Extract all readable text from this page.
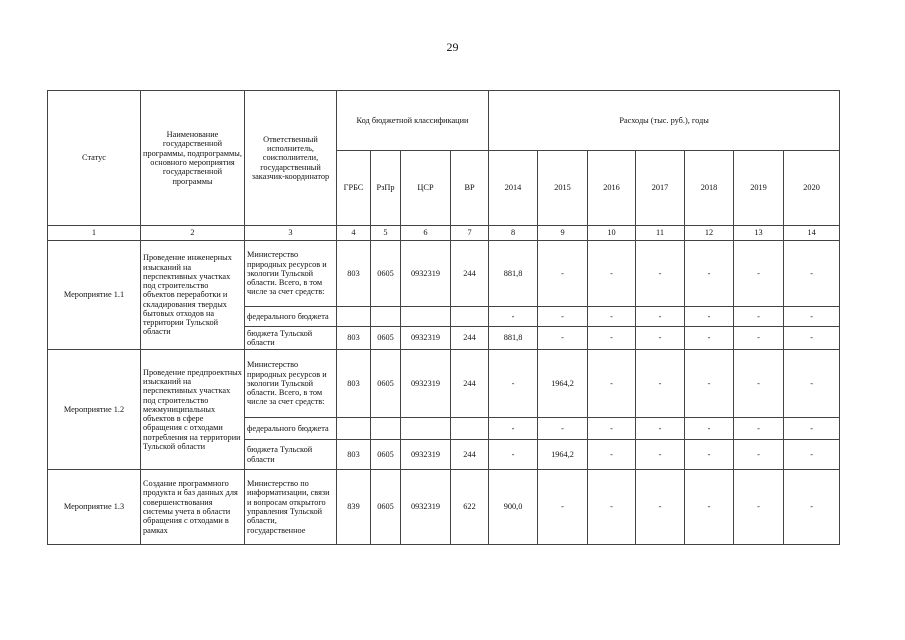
29
Статус	Наименование государственной программы, подпрограммы, основного мероприятия государственной программы	Ответственный исполнитель, соисполнители, государственный заказчик-координатор	Код бюджетной классификации				Расходы (тыс. руб.), годы						
			ГРБС	РзПр	ЦСР	ВР	2014	2015	2016	2017	2018	2019	2020
1	2	3	4	5	6	7	8	9	10	11	12	13	14
Мероприятие 1.1	Проведение инженерных изысканий на перспективных участках под строительство объектов переработки и складирования твердых бытовых отходов на территории Тульской области	Министерство природных ресурсов и экологии Тульской области. Всего, в том числе за счет средств:	803	0605	0932319	244	881,8	-	-	-	-	-	-
		федерального бюджета					-	-	-	-	-	-	-
		бюджета Тульской области	803	0605	0932319	244	881,8	-	-	-	-	-	-
Мероприятие 1.2	Проведение предпроектных изысканий на перспективных участках под строительство межмуниципальных объектов в сфере обращения с отходами потребления на территории Тульской области	Министерство природных ресурсов и экологии Тульской области. Всего, в том числе за счет средств:	803	0605	0932319	244	-	1964,2	-	-	-	-	-
		федерального бюджета					-	-	-	-	-	-	-
		бюджета Тульской области	803	0605	0932319	244	-	1964,2	-	-	-	-	-
Мероприятие 1.3	Создание программного продукта и баз данных для совершенствования системы учета в области обращения с отходами в рамках	Министерство по информатизации, связи и вопросам открытого управления Тульской области, государственное	839	0605	0932319	622	900,0	-	-	-	-	-	-
